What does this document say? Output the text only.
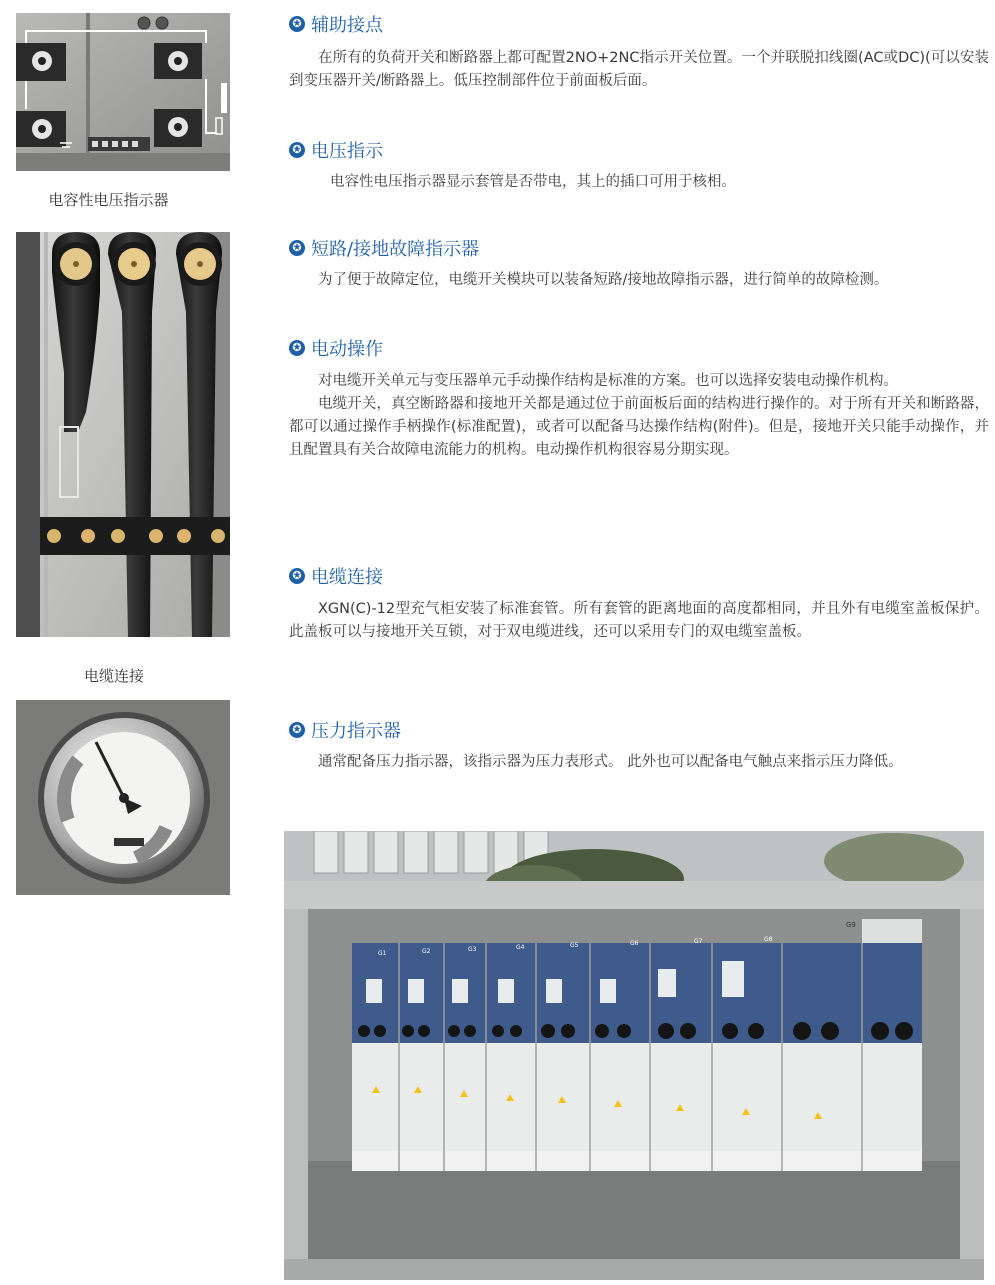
电容性电压指示器
电缆连接
✪ 辅助接点

在所有的负荷开关和断路器上都可配置2NO+2NC指示开关位置。一个并联脱扣线圈(AC或DC)(可以安装到变压器开关/断路器上。低压控制部件位于前面板后面。

✪ 电压指示

电容性电压指示器显示套管是否带电，其上的插口可用于核相。

✪ 短路/接地故障指示器

为了便于故障定位，电缆开关模块可以装备短路/接地故障指示器，进行简单的故障检测。

✪ 电动操作

对电缆开关单元与变压器单元手动操作结构是标准的方案。也可以选择安装电动操作机构。

电缆开关，真空断路器和接地开关都是通过位于前面板后面的结构进行操作的。对于所有开关和断路器，都可以通过操作手柄操作(标准配置)，或者可以配备马达操作结构(附件)。但是，接地开关只能手动操作，并且配置具有关合故障电流能力的机构。电动操作机构很容易分期实现。

✪ 电缆连接

XGN(C)-12型充气柜安装了标准套管。所有套管的距离地面的高度都相同，并且外有电缆室盖板保护。此盖板可以与接地开关互锁，对于双电缆进线，还可以采用专门的双电缆室盖板。

✪ 压力指示器

通常配备压力指示器，该指示器为压力表形式。 此外也可以配备电气触点来指示压力降低。

G1	G2	G3	G4	G5	G6	G7	G8
G9
